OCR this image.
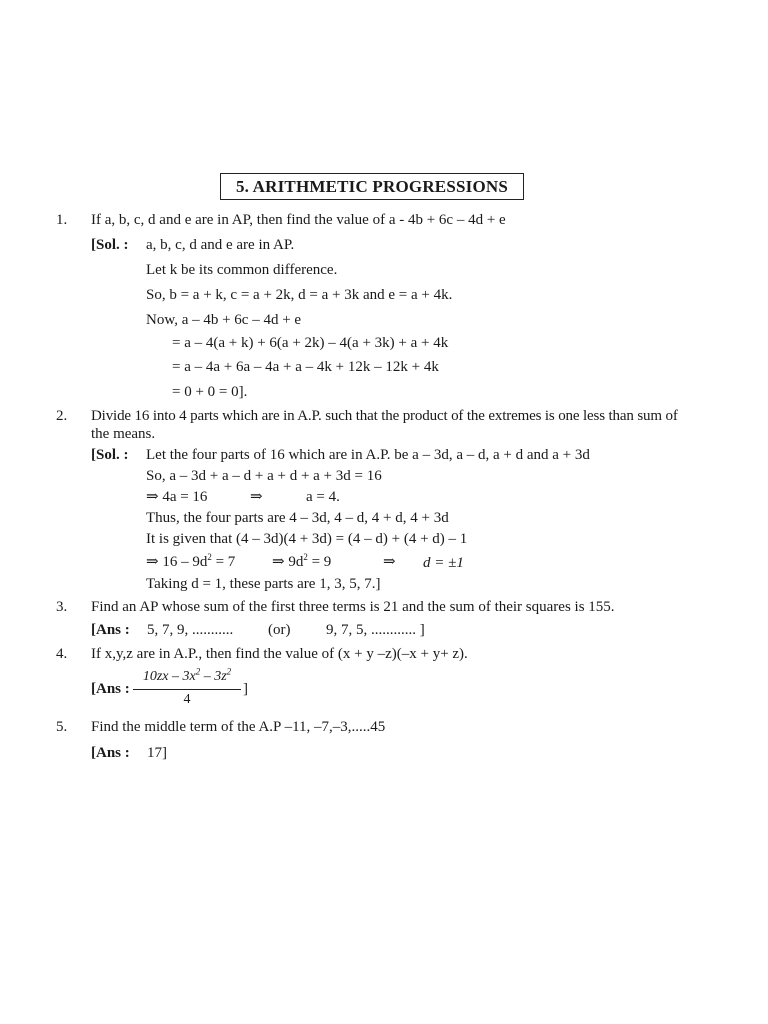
5. ARITHMETIC PROGRESSIONS
1. If a, b, c, d and e are in AP, then find the value of a - 4b + 6c – 4d + e
[Sol. : a, b, c, d and e are in AP.
Let k be its common difference.
So, b = a + k, c = a + 2k, d = a + 3k and e = a + 4k.
Now, a – 4b + 6c – 4d + e
= a – 4(a + k) + 6(a + 2k) – 4(a + 3k) + a + 4k
= a – 4a + 6a – 4a + a – 4k + 12k – 12k + 4k
= 0 + 0 = 0].
2. Divide 16 into 4 parts which are in A.P. such that the product of the extremes is one less than sum of
the means.
[Sol. : Let the four parts of 16 which are in A.P. be a – 3d, a – d, a + d and a + 3d
So, a – 3d + a – d + a + d + a + 3d = 16
⇒ 4a = 16	⇒	a = 4.
Thus, the four parts are 4 – 3d, 4 – d, 4 + d, 4 + 3d
It is given that (4 – 3d)(4 + 3d) = (4 – d) + (4 + d) – 1
⇒ $16 - 9d^2 = 7$ ⇒ $9d^2 = 9$	⇒ d = ±1
Taking d = 1, these parts are 1, 3, 5, 7.]
3. Find an AP whose sum of the first three terms is 21 and the sum of their squares is 155.
[Ans : 5, 7, 9, ........... (or) 9, 7, 5, ............ ]
4. If x,y,z are in A.P., then find the value of (x + y –z)(–x + y+ z).
[Ans :
$10zx - 3x^2 - 3z^2$
4
]
5. Find the middle term of the A.P –11, –7,–3,.....45
[Ans : 17]
